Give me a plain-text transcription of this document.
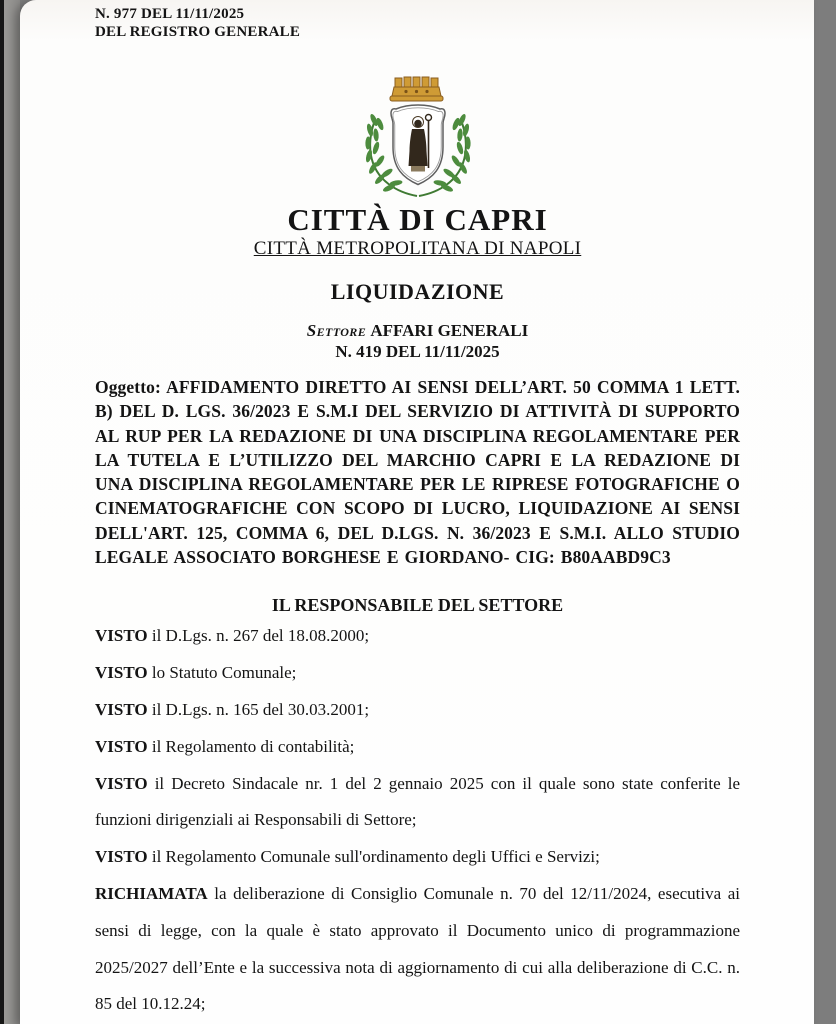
N. 977 DEL 11/11/2025
DEL REGISTRO GENERALE
CITTÀ DI CAPRI
CITTÀ METROPOLITANA DI NAPOLI
LIQUIDAZIONE
Settore AFFARI GENERALI
N. 419 DEL 11/11/2025

Oggetto: AFFIDAMENTO DIRETTO AI SENSI DELL’ART. 50 COMMA 1 LETT. B) DEL D. LGS. 36/2023 E S.M.I DEL SERVIZIO DI ATTIVITÀ DI SUPPORTO AL RUP PER LA REDAZIONE DI UNA DISCIPLINA REGOLAMENTARE PER LA TUTELA E L’UTILIZZO DEL MARCHIO CAPRI E LA REDAZIONE DI UNA DISCIPLINA REGOLAMENTARE PER LE RIPRESE FOTOGRAFICHE O CINEMATOGRAFICHE CON SCOPO DI LUCRO, LIQUIDAZIONE AI SENSI DELL'ART. 125, COMMA 6, DEL D.LGS. N. 36/2023 E S.M.I. ALLO STUDIO LEGALE ASSOCIATO BORGHESE E GIORDANO- CIG: B80AABD9C3

IL RESPONSABILE DEL SETTORE

VISTO il D.Lgs. n. 267 del 18.08.2000;

VISTO lo Statuto Comunale;

VISTO il D.Lgs. n. 165 del 30.03.2001;

VISTO il Regolamento di contabilità;

VISTO il Decreto Sindacale nr. 1 del 2 gennaio 2025 con il quale sono state conferite le funzioni dirigenziali ai Responsabili di Settore;

VISTO il Regolamento Comunale sull'ordinamento degli Uffici e Servizi;

RICHIAMATA la deliberazione di Consiglio Comunale n. 70 del 12/11/2024, esecutiva ai sensi di legge, con la quale è stato approvato il Documento unico di programmazione 2025/2027 dell’Ente e la successiva nota di aggiornamento di cui alla deliberazione di C.C. n. 85 del 10.12.24;
